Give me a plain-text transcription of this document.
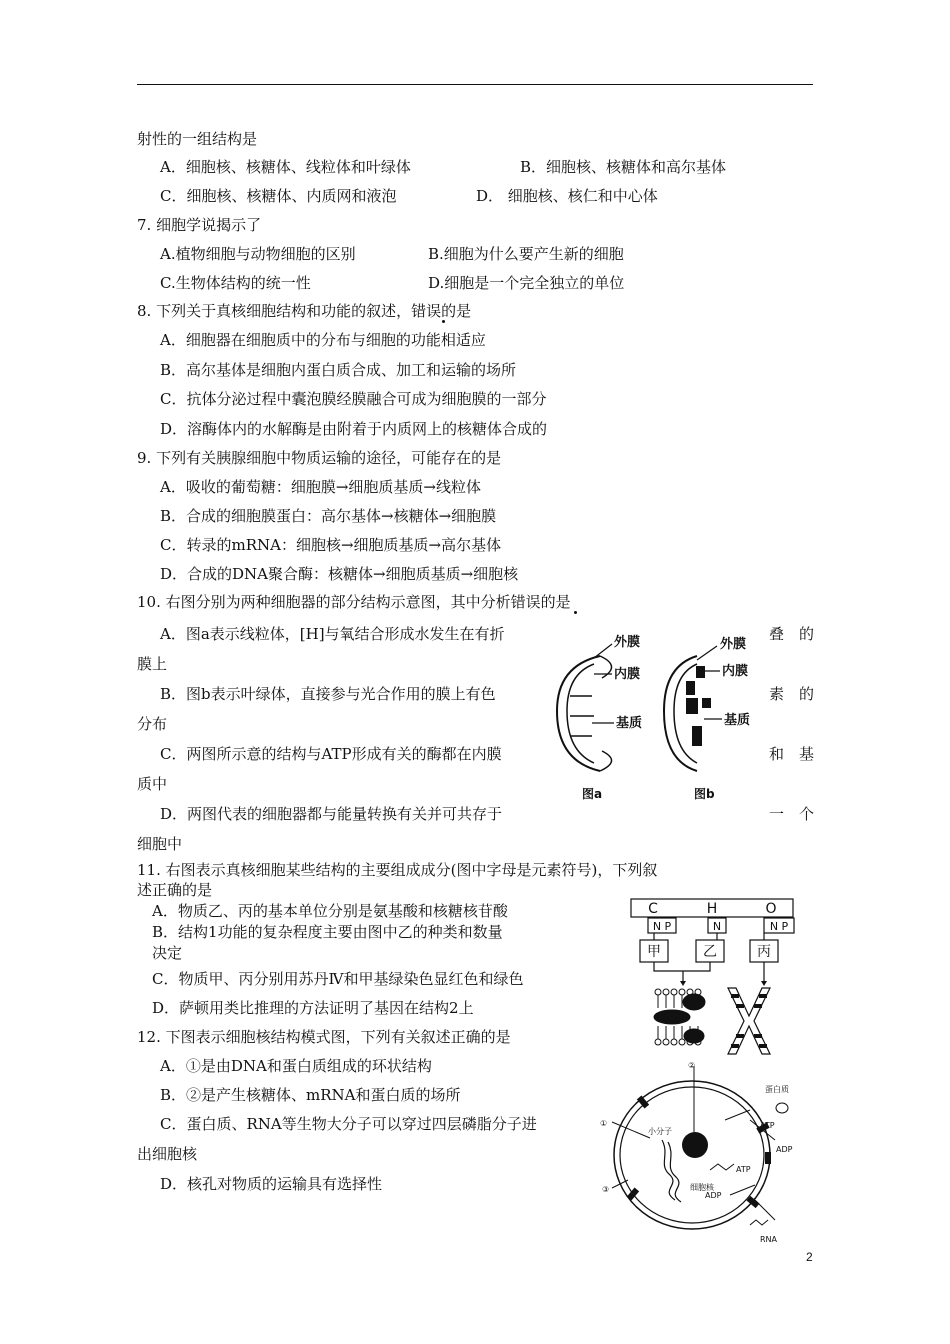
射性的一组结构是
A．细胞核、核糖体、线粒体和叶绿体	B．细胞核、核糖体和高尔基体
C．细胞核、核糖体、内质网和液泡	D． 细胞核、核仁和中心体
7. 细胞学说揭示了
A.植物细胞与动物细胞的区别	B.细胞为什么要产生新的细胞
C.生物体结构的统一性	D.细胞是一个完全独立的单位
8. 下列关于真核细胞结构和功能的叙述，错误的是
A．细胞器在细胞质中的分布与细胞的功能相适应
B．高尔基体是细胞内蛋白质合成、加工和运输的场所
C．抗体分泌过程中囊泡膜经膜融合可成为细胞膜的一部分
D．溶酶体内的水解酶是由附着于内质网上的核糖体合成的
9. 下列有关胰腺细胞中物质运输的途径，可能存在的是
A．吸收的葡萄糖：细胞膜→细胞质基质→线粒体
B．合成的细胞膜蛋白：高尔基体→核糖体→细胞膜
C．转录的mRNA：细胞核→细胞质基质→高尔基体
D．合成的DNA聚合酶：核糖体→细胞质基质→细胞核
10. 右图分别为两种细胞器的部分结构示意图，其中分析错误的是
A．图a表示线粒体，[H]与氧结合形成水发生在有折
膜上
B．图b表示叶绿体，直接参与光合作用的膜上有色
分布
C．两图所示意的结构与ATP形成有关的酶都在内膜
质中
D．两图代表的细胞器都与能量转换有关并可共存于
细胞中
11. 右图表示真核细胞某些结构的主要组成成分(图中字母是元素符号)，下列叙
述正确的是
A．物质乙、丙的基本单位分别是氨基酸和核糖核苷酸
B．结构1功能的复杂程度主要由图中乙的种类和数量
决定
C．物质甲、丙分别用苏丹Ⅳ和甲基绿染色显红色和绿色
D．萨顿用类比推理的方法证明了基因在结构2上
12. 下图表示细胞核结构模式图，下列有关叙述正确的是
A．①是由DNA和蛋白质组成的环状结构
B．②是产生核糖体、mRNA和蛋白质的场所
C．蛋白质、RNA等生物大分子可以穿过四层磷脂分子进
出细胞核
D．核孔对物质的运输具有选择性
叠　的
素　的
和　基
一　个
外膜
内膜
基质
外膜
内膜
基质
图a	图b
C	H	O
N P	N	N P
甲	乙	丙
①
②
③
蛋白质
ATP
ADP
小分子
细胞核
ADP
ATP
RNA
2
